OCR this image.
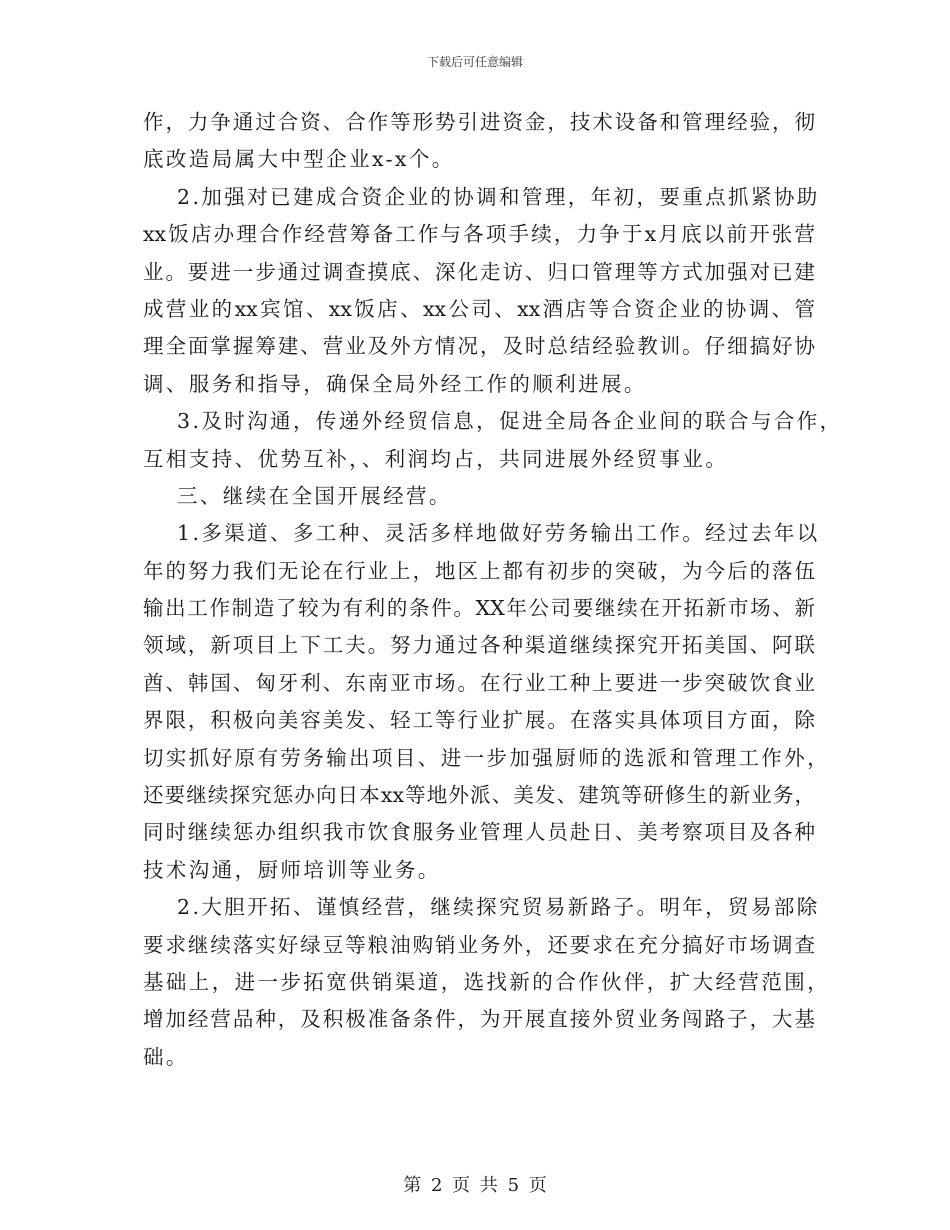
下载后可任意编辑
作，力争通过合资、合作等形势引进资金，技术设备和管理经验，彻
底改造局属大中型企业x-x个。
2.加强对已建成合资企业的协调和管理，年初，要重点抓紧协助
xx饭店办理合作经营筹备工作与各项手续，力争于x月底以前开张营
业。要进一步通过调查摸底、深化走访、归口管理等方式加强对已建
成营业的xx宾馆、xx饭店、xx公司、xx酒店等合资企业的协调、管
理全面掌握筹建、营业及外方情况，及时总结经验教训。仔细搞好协
调、服务和指导，确保全局外经工作的顺利进展。
3.及时沟通，传递外经贸信息，促进全局各企业间的联合与合作，
互相支持、优势互补，、利润均占，共同进展外经贸事业。
三、继续在全国开展经营。
1.多渠道、多工种、灵活多样地做好劳务输出工作。经过去年以
年的努力我们无论在行业上，地区上都有初步的突破，为今后的落伍
输出工作制造了较为有利的条件。XX年公司要继续在开拓新市场、新
领域，新项目上下工夫。努力通过各种渠道继续探究开拓美国、阿联
酋、韩国、匈牙利、东南亚市场。在行业工种上要进一步突破饮食业
界限，积极向美容美发、轻工等行业扩展。在落实具体项目方面，除
切实抓好原有劳务输出项目、进一步加强厨师的选派和管理工作外，
还要继续探究惩办向日本xx等地外派、美发、建筑等研修生的新业务，
同时继续惩办组织我市饮食服务业管理人员赴日、美考察项目及各种
技术沟通，厨师培训等业务。
2.大胆开拓、谨慎经营，继续探究贸易新路子。明年，贸易部除
要求继续落实好绿豆等粮油购销业务外，还要求在充分搞好市场调查
基础上，进一步拓宽供销渠道，选找新的合作伙伴，扩大经营范围，
增加经营品种，及积极准备条件，为开展直接外贸业务闯路子，大基
础。
第 2 页 共 5 页
